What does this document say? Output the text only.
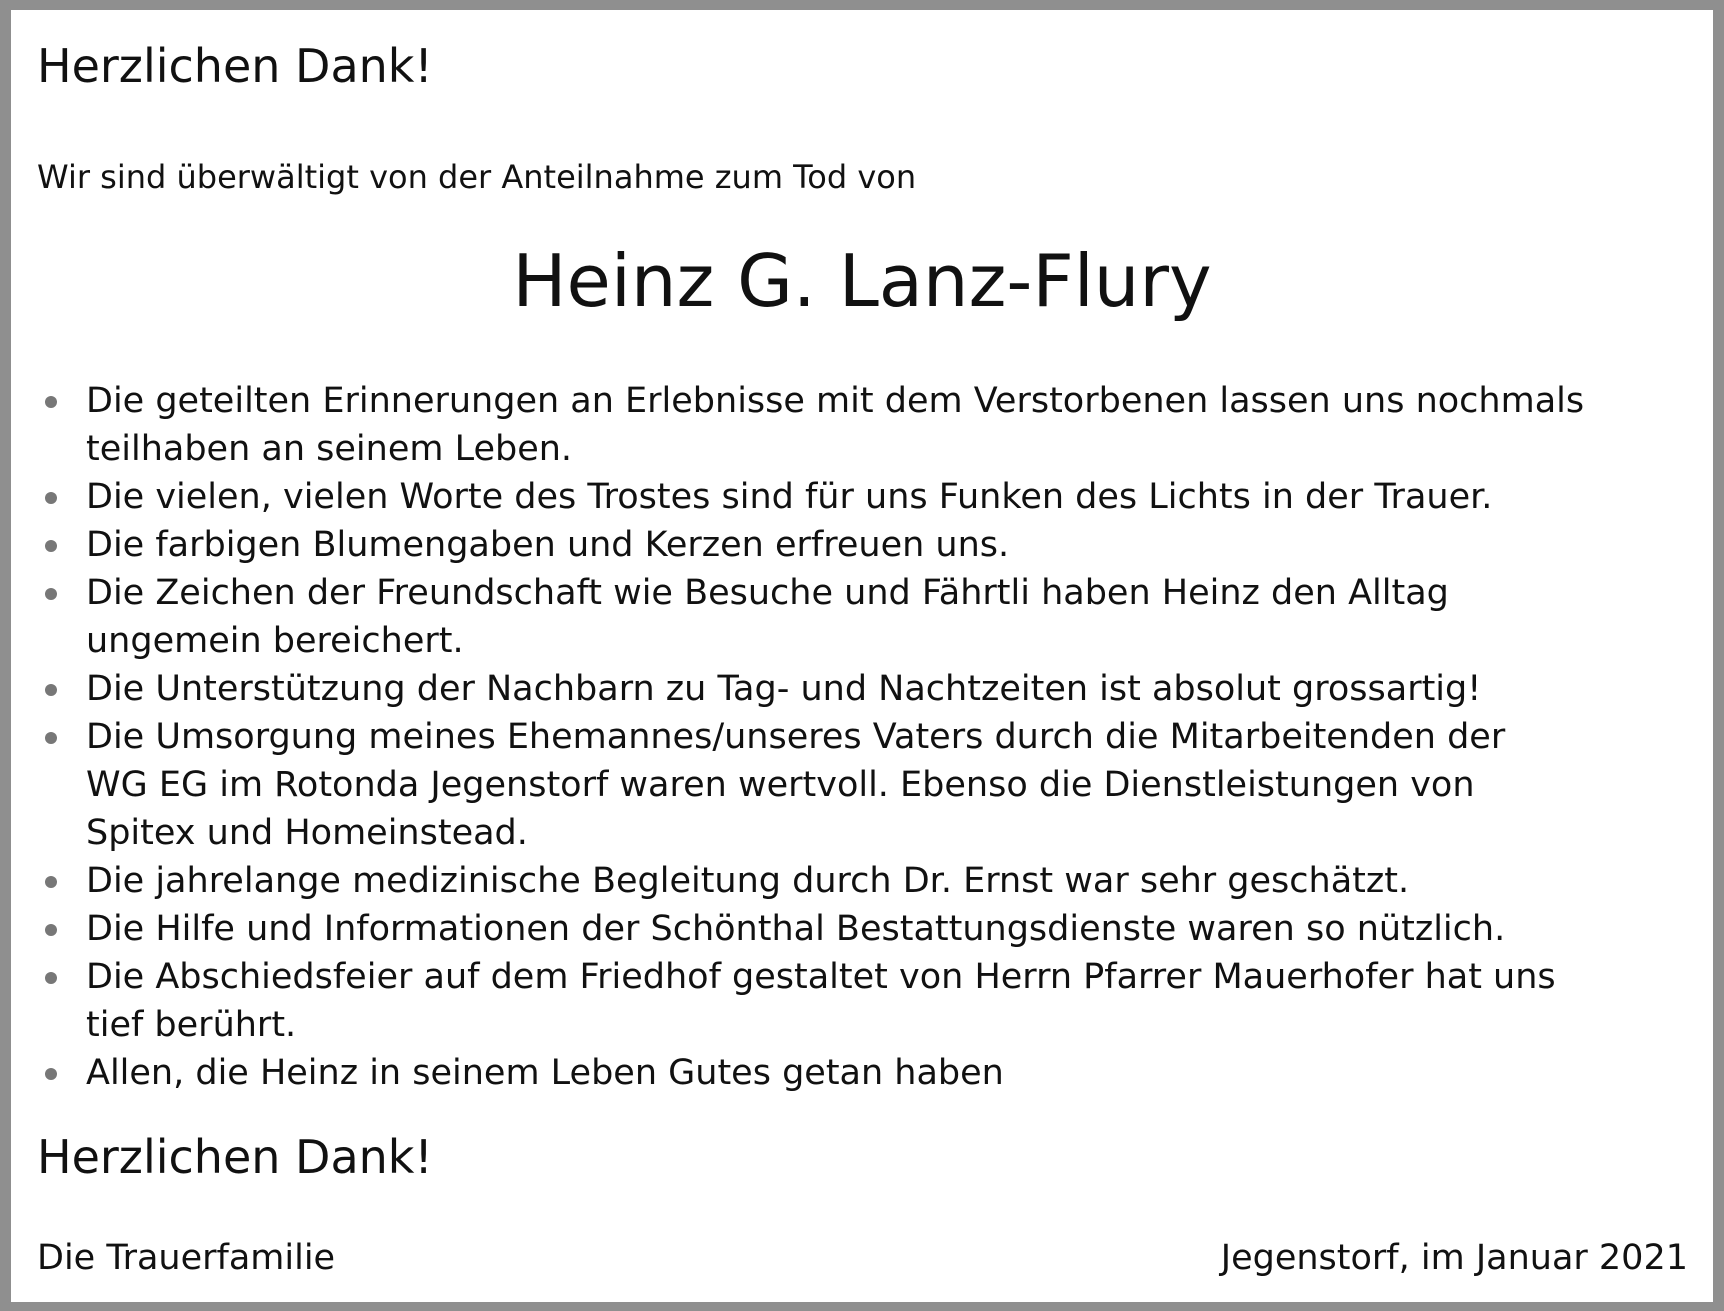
Herzlichen Dank!
Wir sind überwältigt von der Anteilnahme zum Tod von
Heinz G. Lanz-Flury
Die geteilten Erinnerungen an Erlebnisse mit dem Verstorbenen lassen uns nochmals
teilhaben an seinem Leben.
Die vielen, vielen Worte des Trostes sind für uns Funken des Lichts in der Trauer.
Die farbigen Blumengaben und Kerzen erfreuen uns.
Die Zeichen der Freundschaft wie Besuche und Fährtli haben Heinz den Alltag
ungemein bereichert.
Die Unterstützung der Nachbarn zu Tag- und Nachtzeiten ist absolut grossartig!
Die Umsorgung meines Ehemannes/unseres Vaters durch die Mitarbeitenden der
WG EG im Rotonda Jegenstorf waren wertvoll. Ebenso die Dienstleistungen von
Spitex und Homeinstead.
Die jahrelange medizinische Begleitung durch Dr. Ernst war sehr geschätzt.
Die Hilfe und Informationen der Schönthal Bestattungsdienste waren so nützlich.
Die Abschiedsfeier auf dem Friedhof gestaltet von Herrn Pfarrer Mauerhofer hat uns
tief berührt.
Allen, die Heinz in seinem Leben Gutes getan haben
Herzlichen Dank!
Die Trauerfamilie	Jegenstorf, im Januar 2021
